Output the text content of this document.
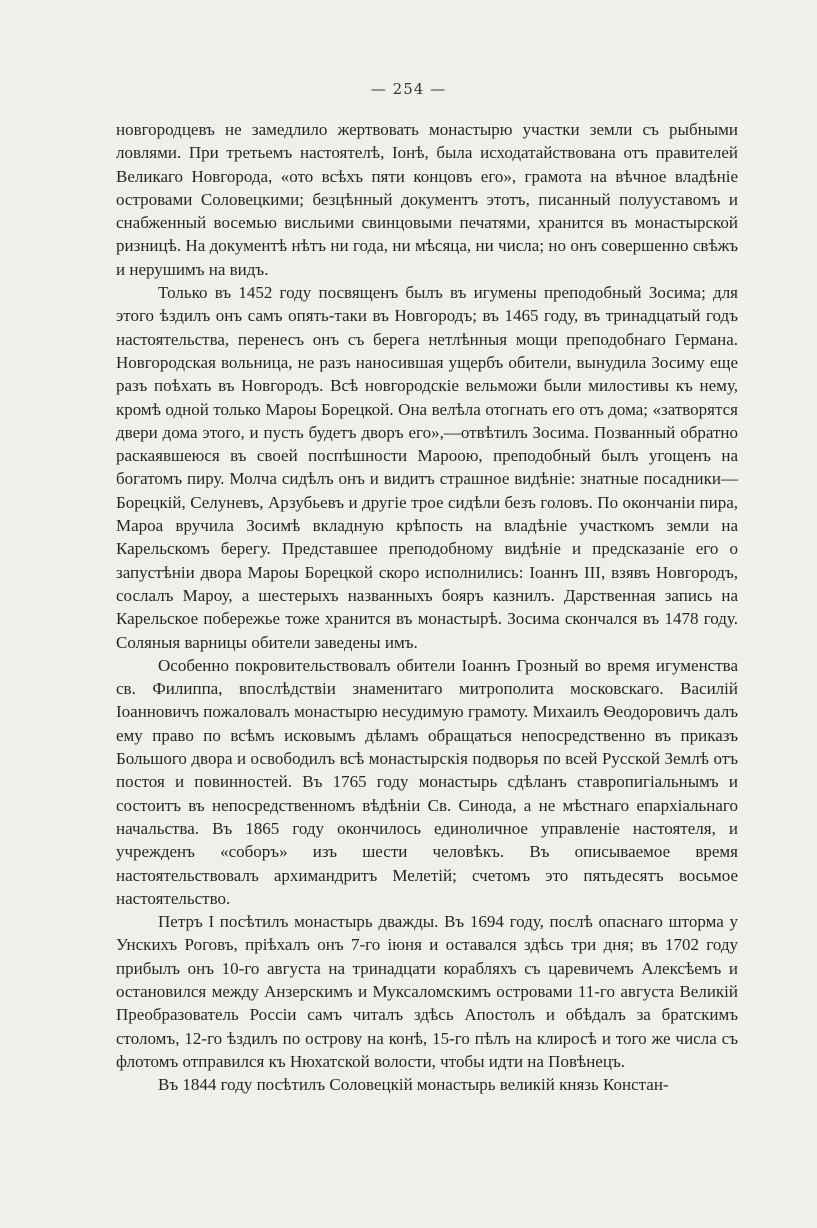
— 254 —

новгородцевъ не замедлило жертвовать монастырю участки земли съ рыбными ловлями. При третьемъ настоятелѣ, Іонѣ, была исходатайствована отъ правителей Великаго Новгорода, «ото всѣхъ пяти концовъ его», грамота на вѣчное владѣніе островами Соловецкими; безцѣнный документъ этотъ, писанный полууставомъ и снабженный восемью висльими свинцовыми печатями, хранится въ монастырской ризницѣ. На документѣ нѣтъ ни года, ни мѣсяца, ни числа; но онъ совершенно свѣжъ и нерушимъ на видъ.

Только въ 1452 году посвященъ былъ въ игумены преподобный Зосима; для этого ѣздилъ онъ самъ опять-таки въ Новгородъ; въ 1465 году, въ тринадцатый годъ настоятельства, перенесъ онъ съ берега нетлѣнныя мощи преподобнаго Германа. Новгородская вольница, не разъ наносившая ущербъ обители, вынудила Зосиму еще разъ поѣхать въ Новгородъ. Всѣ новгородскіе вельможи были милостивы къ нему, кромѣ одной только Мароы Борецкой. Она велѣла отогнать его отъ дома; «затворятся двери дома этого, и пусть будетъ дворъ его»,—отвѣтилъ Зосима. Позванный обратно раскаявшеюся въ своей поспѣшности Мароою, преподобный былъ угощенъ на богатомъ пиру. Молча сидѣлъ онъ и видитъ страшное видѣніе: знатные посадники—Борецкій, Селуневъ, Арзубьевъ и другіе трое сидѣли безъ головъ. По окончаніи пира, Мароа вручила Зосимѣ вкладную крѣпость на владѣніе участкомъ земли на Карельскомъ берегу. Представшее преподобному видѣніе и предсказаніе его о запустѣніи двора Мароы Борецкой скоро исполнились: Іоаннъ III, взявъ Новгородъ, сослалъ Мароу, а шестерыхъ названныхъ бояръ казнилъ. Дарственная запись на Карельское побережье тоже хранится въ монастырѣ. Зосима скончался въ 1478 году. Соляныя варницы обители заведены имъ.

Особенно покровительствовалъ обители Іоаннъ Грозный во время игуменства св. Филиппа, впослѣдствіи знаменитаго митрополита московскаго. Василій Іоанновичъ пожаловалъ монастырю несудимую грамоту. Михаилъ Ѳеодоровичъ далъ ему право по всѣмъ исковымъ дѣламъ обращаться непосредственно въ приказъ Большого двора и освободилъ всѣ монастырскія подворья по всей Русской Землѣ отъ постоя и повинностей. Въ 1765 году монастырь сдѣланъ ставропигіальнымъ и состоитъ въ непосредственномъ вѣдѣніи Св. Синода, а не мѣстнаго епархіальнаго начальства. Въ 1865 году окончилось единоличное управленіе настоятеля, и учрежденъ «соборъ» изъ шести человѣкъ. Въ описываемое время настоятельствовалъ архимандритъ Мелетій; счетомъ это пятьдесятъ восьмое настоятельство.

Петръ I посѣтилъ монастырь дважды. Въ 1694 году, послѣ опаснаго шторма у Унскихъ Роговъ, пріѣхалъ онъ 7-го іюня и оставался здѣсь три дня; въ 1702 году прибылъ онъ 10-го августа на тринадцати корабляхъ съ царевичемъ Алексѣемъ и остановился между Анзерскимъ и Муксаломскимъ островами 11-го августа Великій Преобразователь Россіи самъ читалъ здѣсь Апостолъ и обѣдалъ за братскимъ столомъ, 12-го ѣздилъ по острову на конѣ, 15-го пѣлъ на клиросѣ и того же числа съ флотомъ отправился къ Нюхатской волости, чтобы идти на Повѣнецъ.

Въ 1844 году посѣтилъ Соловецкій монастырь великій князь Констан-
